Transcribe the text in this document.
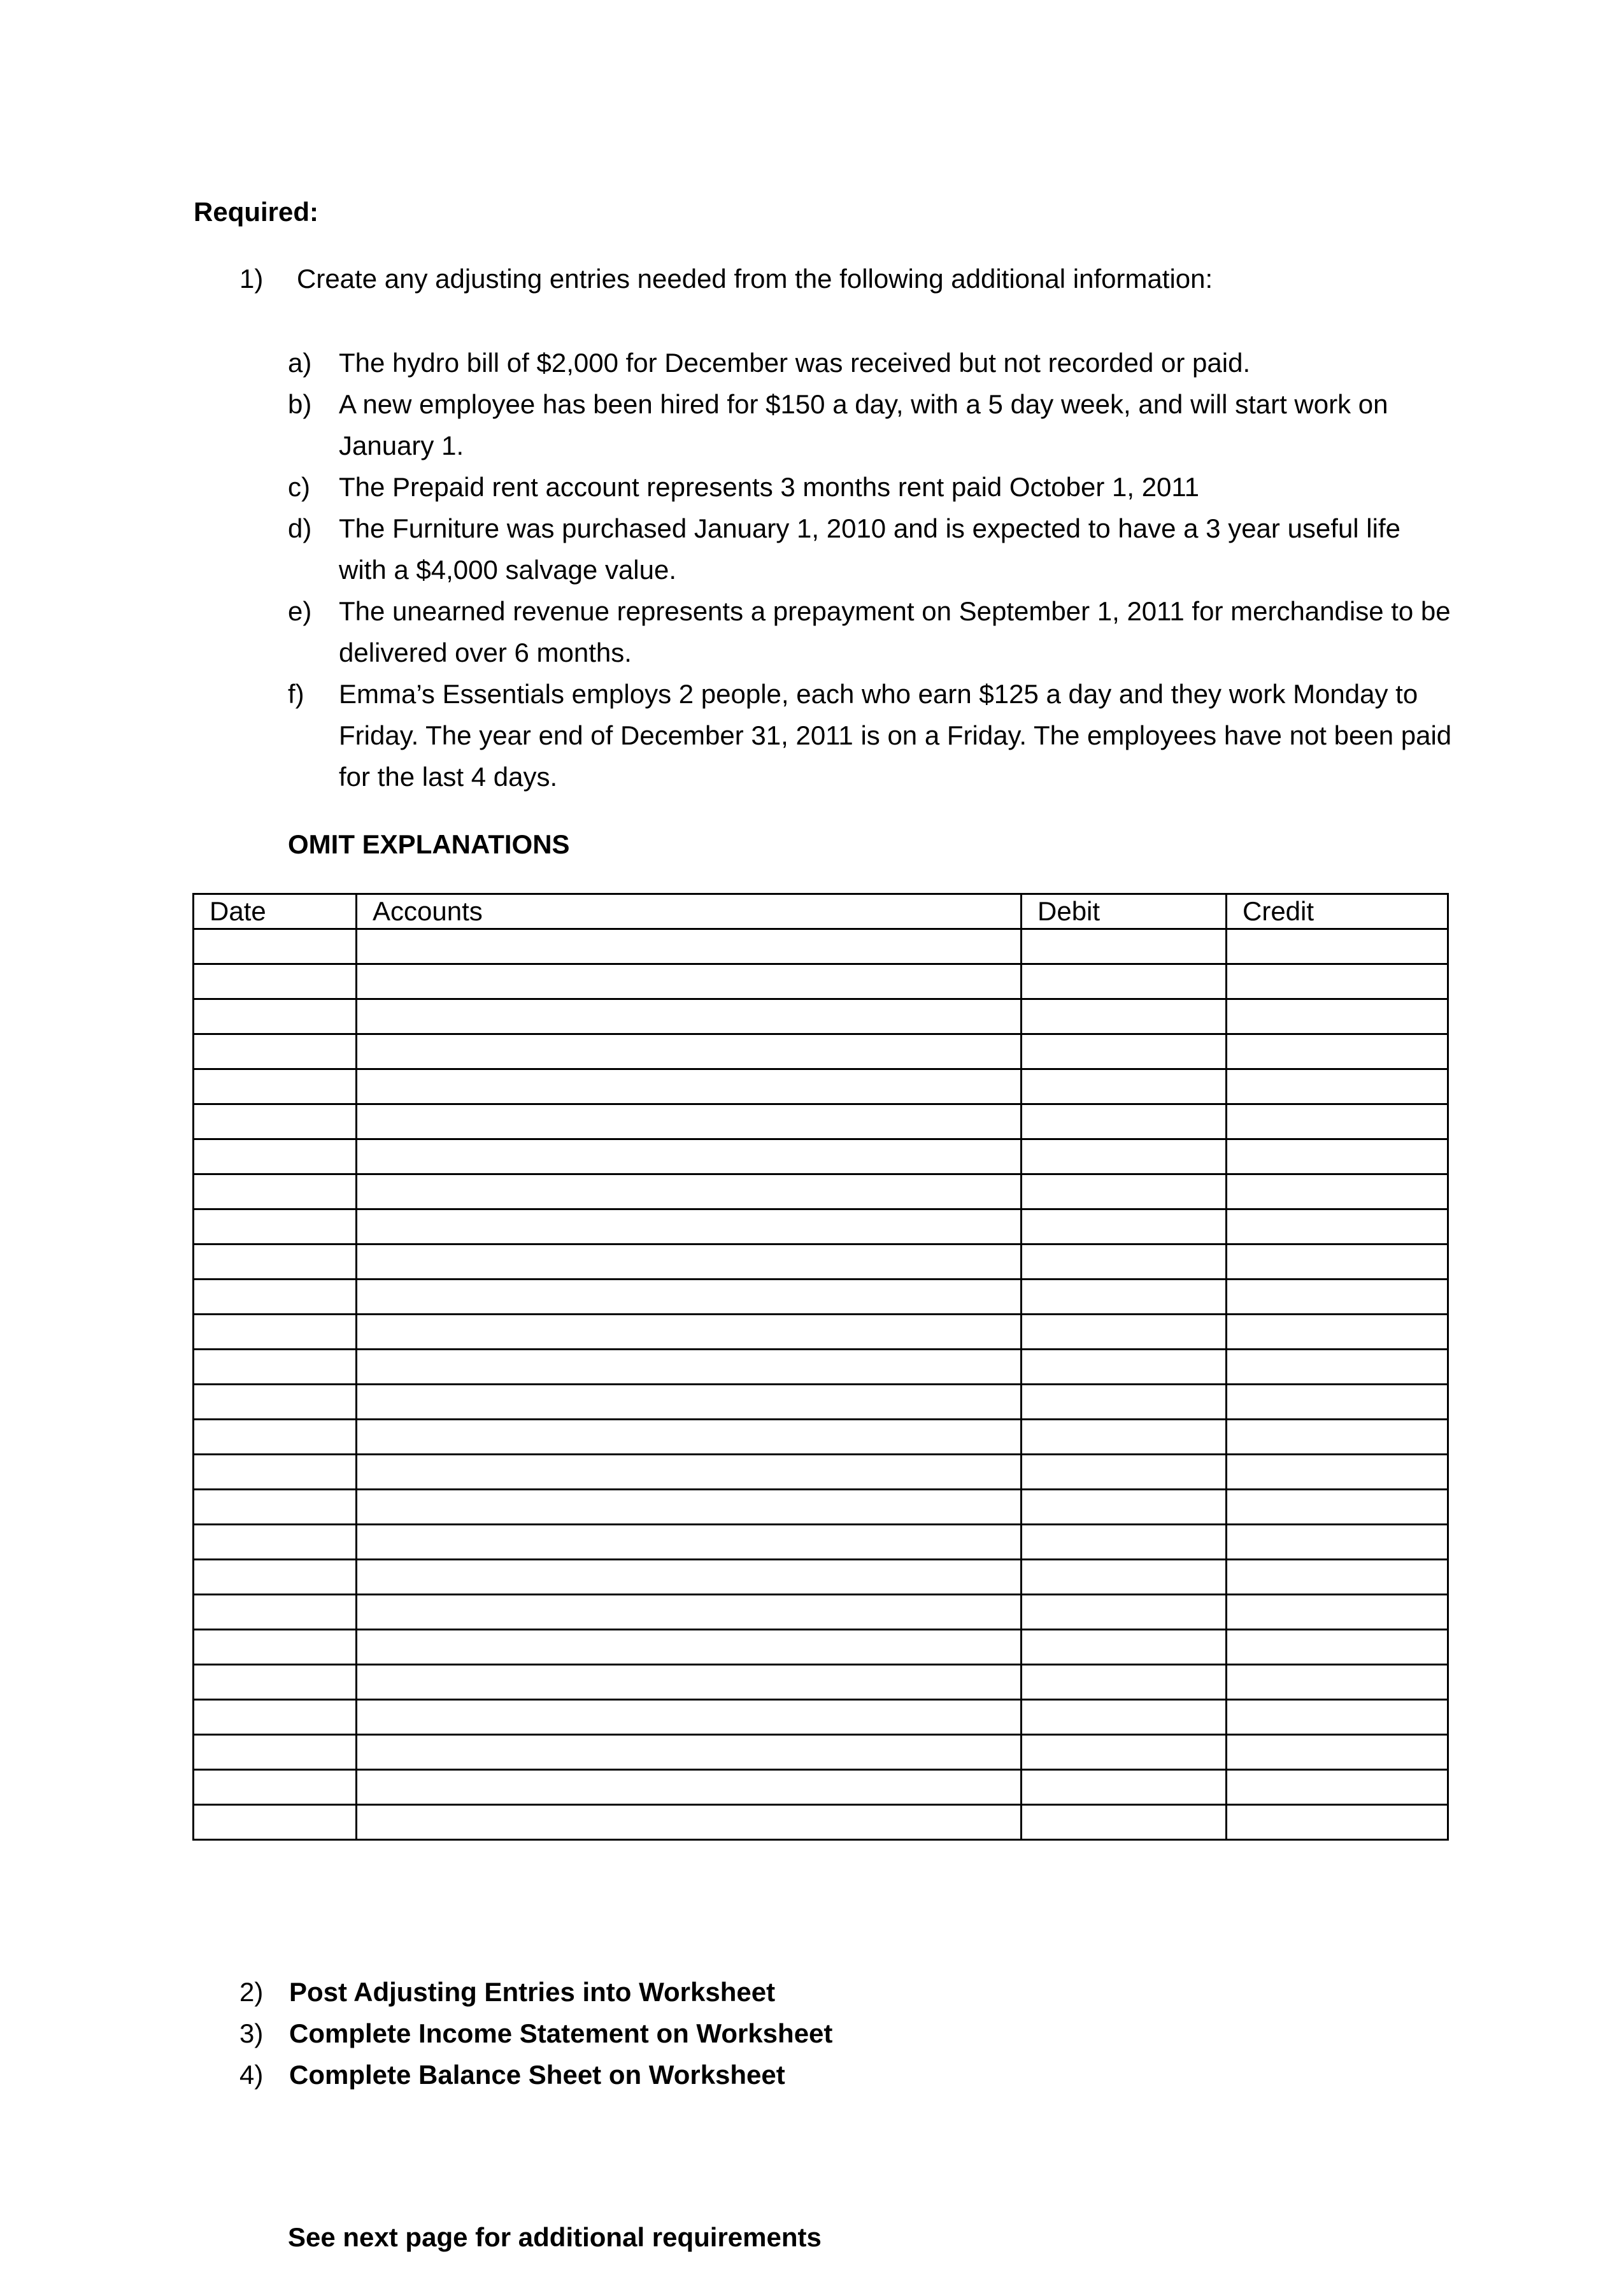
Required:
1) Create any adjusting entries needed from the following additional information:

a)	The hydro bill of $2,000 for December was received but not recorded or paid.

b)	A new employee has been hired for $150 a day, with a 5 day week, and will start work on January 1.

c)	The Prepaid rent account represents 3 months rent paid October 1, 2011

d)	The Furniture was purchased January 1, 2010 and is expected to have a 3 year useful life with a $4,000 salvage value.

e)	The unearned revenue represents a prepayment on September 1, 2011 for merchandise to be delivered over 6 months.

f)	Emma’s Essentials employs 2 people, each who earn $125 a day and they work Monday to Friday. The year end of December 31, 2011 is on a Friday. The employees have not been paid for the last 4 days.

OMIT EXPLANATIONS
Date	Accounts	Debit	Credit

2) Post Adjusting Entries into Worksheet
3) Complete Income Statement on Worksheet
4) Complete Balance Sheet on Worksheet
See next page for additional requirements
